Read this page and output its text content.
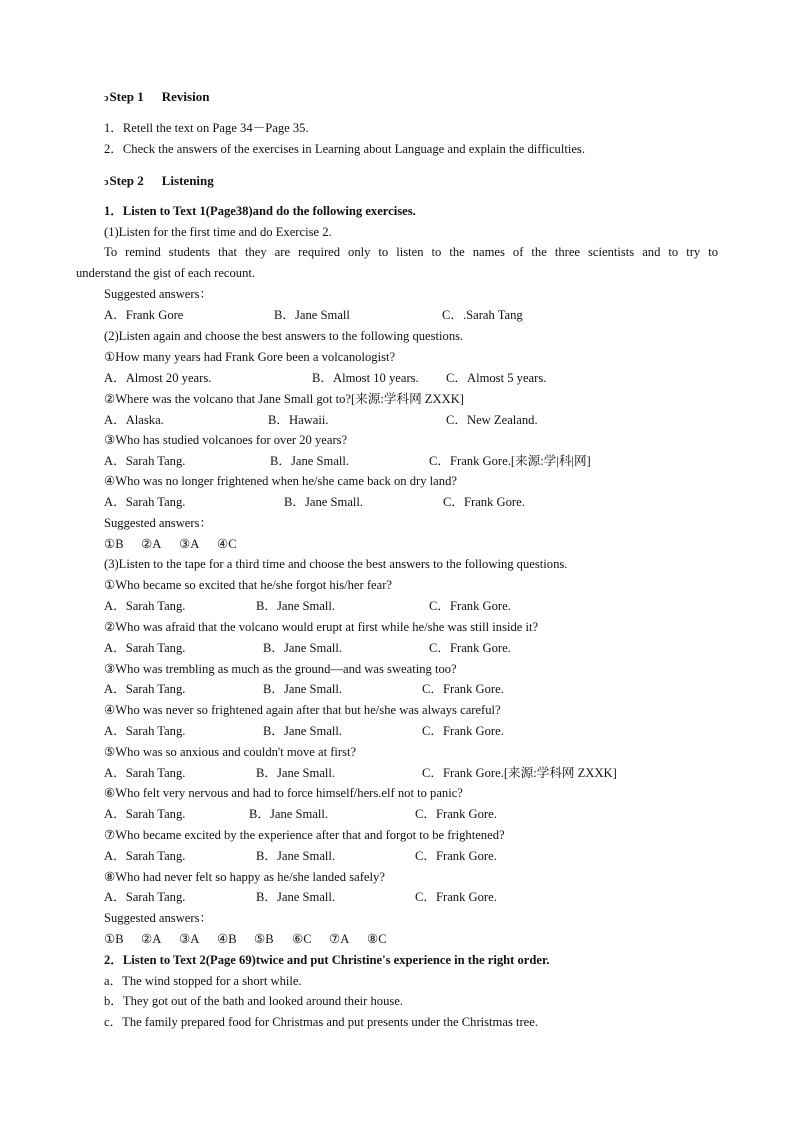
ↄStep 1 Revision
1．Retell the text on Page 34－Page 35.
2．Check the answers of the exercises in Learning about Language and explain the difficulties.
ↄStep 2 Listening
1．Listen to Text 1(Page38)and do the following exercises.
(1)Listen for the first time and do Exercise 2.
To remind students that they are required only to listen to the names of the three scientists and to try to
understand the gist of each recount.
Suggested answers：
A．Frank Gore	B．Jane Small	C．.Sarah Tang
(2)Listen again and choose the best answers to the following questions.
①How many years had Frank Gore been a volcanologist?
A．Almost 20 years.	B．Almost 10 years. C．Almost 5 years.
②Where was the volcano that Jane Small got to?[来源:学科网 ZXXK]
A．Alaska.	B．Hawaii.	C．New Zealand.
③Who has studied volcanoes for over 20 years?
A．Sarah Tang.	B．Jane Small.	C．Frank Gore.[来源:学|科|网]
④Who was no longer frightened when he/she came back on dry land?
A．Sarah Tang.	B．Jane Small.	C．Frank Gore.
Suggested answers：
①B ②A ③A ④C
(3)Listen to the tape for a third time and choose the best answers to the following questions.
①Who became so excited that he/she forgot his/her fear?
A．Sarah Tang.	B．Jane Small.	C．Frank Gore.
②Who was afraid that the volcano would erupt at first while he/she was still inside it?
A．Sarah Tang.	B．Jane Small.	C．Frank Gore.
③Who was trembling as much as the ground—and was sweating too?
A．Sarah Tang.	B．Jane Small.	C．Frank Gore.
④Who was never so frightened again after that but he/she was always careful?
A．Sarah Tang.	B．Jane Small.	C．Frank Gore.
⑤Who was so anxious and couldn't move at first?
A．Sarah Tang.	B．Jane Small.	C．Frank Gore.[来源:学科网 ZXXK]
⑥Who felt very nervous and had to force himself/hers.elf not to panic?
A．Sarah Tang.	B．Jane Small.	C．Frank Gore.
⑦Who became excited by the experience after that and forgot to be frightened?
A．Sarah Tang.	B．Jane Small.	C．Frank Gore.
⑧Who had never felt so happy as he/she landed safely?
A．Sarah Tang.	B．Jane Small.	C．Frank Gore.
Suggested answers：
①B ②A ③A ④B ⑤B ⑥C ⑦A ⑧C
2．Listen to Text 2(Page 69)twice and put Christine's experience in the right order.
a．The wind stopped for a short while.
b．They got out of the bath and looked around their house.
c．The family prepared food for Christmas and put presents under the Christmas tree.
